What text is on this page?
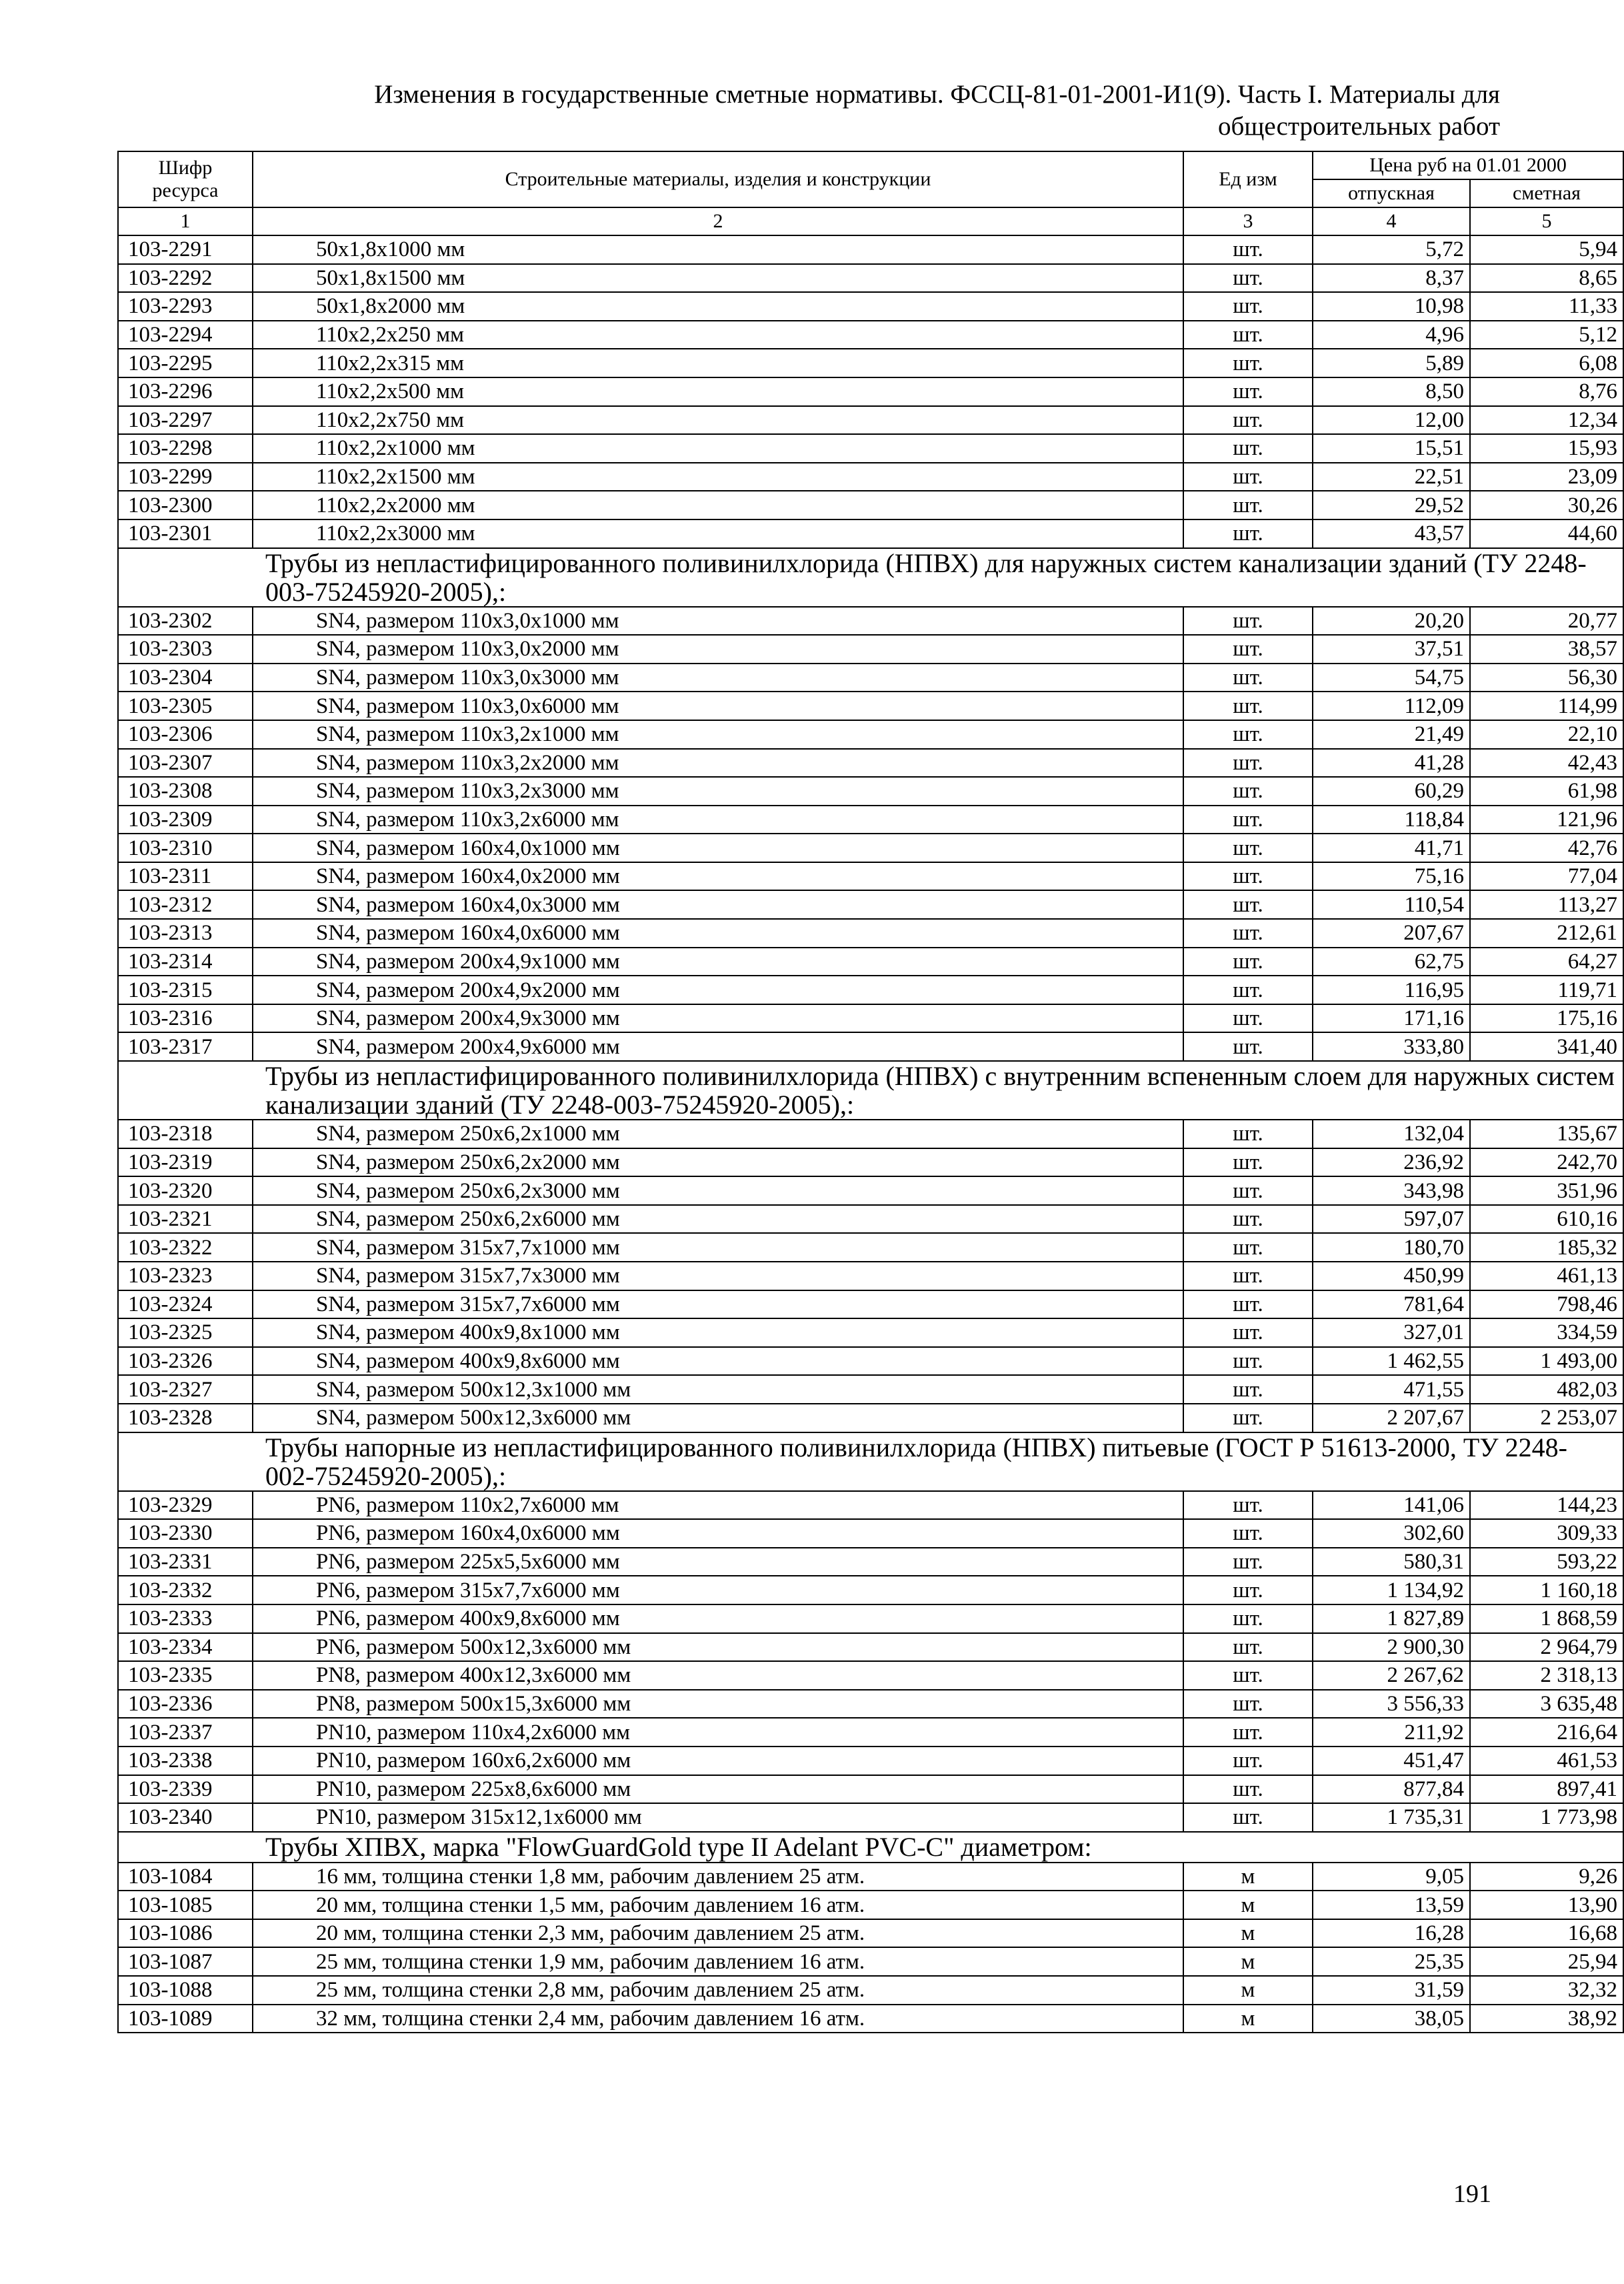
Изменения в государственные сметные нормативы. ФССЦ-81-01-2001-И1(9). Часть I. Материалы для
общестроительных работ
Шифр ресурса	Строительные материалы, изделия и конструкции	Ед изм	Цена руб на 01.01 2000	
			отпускная	сметная
1	2	3	4	5
103-2291	50х1,8х1000 мм	шт.	5,72	5,94
103-2292	50х1,8х1500 мм	шт.	8,37	8,65
103-2293	50х1,8х2000 мм	шт.	10,98	11,33
103-2294	110х2,2х250 мм	шт.	4,96	5,12
103-2295	110х2,2х315 мм	шт.	5,89	6,08
103-2296	110х2,2х500 мм	шт.	8,50	8,76
103-2297	110х2,2х750 мм	шт.	12,00	12,34
103-2298	110х2,2х1000 мм	шт.	15,51	15,93
103-2299	110х2,2х1500 мм	шт.	22,51	23,09
103-2300	110х2,2х2000 мм	шт.	29,52	30,26
103-2301	110х2,2х3000 мм	шт.	43,57	44,60
Трубы из непластифицированного поливинилхлорида (НПВХ) для наружных систем канализации зданий (ТУ 2248-003-75245920-2005),:				
103-2302	SN4, размером 110х3,0х1000 мм	шт.	20,20	20,77
103-2303	SN4, размером 110х3,0х2000 мм	шт.	37,51	38,57
103-2304	SN4, размером 110х3,0х3000 мм	шт.	54,75	56,30
103-2305	SN4, размером 110х3,0х6000 мм	шт.	112,09	114,99
103-2306	SN4, размером 110х3,2х1000 мм	шт.	21,49	22,10
103-2307	SN4, размером 110х3,2х2000 мм	шт.	41,28	42,43
103-2308	SN4, размером 110х3,2х3000 мм	шт.	60,29	61,98
103-2309	SN4, размером 110х3,2х6000 мм	шт.	118,84	121,96
103-2310	SN4, размером 160х4,0х1000 мм	шт.	41,71	42,76
103-2311	SN4, размером 160х4,0х2000 мм	шт.	75,16	77,04
103-2312	SN4, размером 160х4,0х3000 мм	шт.	110,54	113,27
103-2313	SN4, размером 160х4,0х6000 мм	шт.	207,67	212,61
103-2314	SN4, размером 200х4,9х1000 мм	шт.	62,75	64,27
103-2315	SN4, размером 200х4,9х2000 мм	шт.	116,95	119,71
103-2316	SN4, размером 200х4,9х3000 мм	шт.	171,16	175,16
103-2317	SN4, размером 200х4,9х6000 мм	шт.	333,80	341,40
Трубы из непластифицированного поливинилхлорида (НПВХ) с внутренним вспененным слоем для наружных систем канализации зданий (ТУ 2248-003-75245920-2005),:				
103-2318	SN4, размером 250х6,2х1000 мм	шт.	132,04	135,67
103-2319	SN4, размером 250х6,2х2000 мм	шт.	236,92	242,70
103-2320	SN4, размером 250х6,2х3000 мм	шт.	343,98	351,96
103-2321	SN4, размером 250х6,2х6000 мм	шт.	597,07	610,16
103-2322	SN4, размером 315х7,7х1000 мм	шт.	180,70	185,32
103-2323	SN4, размером 315х7,7х3000 мм	шт.	450,99	461,13
103-2324	SN4, размером 315х7,7х6000 мм	шт.	781,64	798,46
103-2325	SN4, размером 400х9,8х1000 мм	шт.	327,01	334,59
103-2326	SN4, размером 400х9,8х6000 мм	шт.	1 462,55	1 493,00
103-2327	SN4, размером 500х12,3х1000 мм	шт.	471,55	482,03
103-2328	SN4, размером 500х12,3х6000 мм	шт.	2 207,67	2 253,07
Трубы напорные из непластифицированного поливинилхлорида (НПВХ) питьевые (ГОСТ Р 51613-2000, ТУ 2248-002-75245920-2005),:				
103-2329	PN6, размером 110х2,7х6000 мм	шт.	141,06	144,23
103-2330	PN6, размером 160х4,0х6000 мм	шт.	302,60	309,33
103-2331	PN6, размером 225х5,5х6000 мм	шт.	580,31	593,22
103-2332	PN6, размером 315х7,7х6000 мм	шт.	1 134,92	1 160,18
103-2333	PN6, размером 400х9,8х6000 мм	шт.	1 827,89	1 868,59
103-2334	PN6, размером 500х12,3х6000 мм	шт.	2 900,30	2 964,79
103-2335	PN8, размером 400х12,3х6000 мм	шт.	2 267,62	2 318,13
103-2336	PN8, размером 500х15,3х6000 мм	шт.	3 556,33	3 635,48
103-2337	PN10, размером 110х4,2х6000 мм	шт.	211,92	216,64
103-2338	PN10, размером 160х6,2х6000 мм	шт.	451,47	461,53
103-2339	PN10, размером 225х8,6х6000 мм	шт.	877,84	897,41
103-2340	PN10, размером 315х12,1х6000 мм	шт.	1 735,31	1 773,98
Трубы ХПВХ, марка "FlowGuardGold type II Adelant PVC-C" диаметром:				
103-1084	16 мм, толщина стенки 1,8 мм, рабочим давлением 25 атм.	м	9,05	9,26
103-1085	20 мм, толщина стенки 1,5 мм, рабочим давлением 16 атм.	м	13,59	13,90
103-1086	20 мм, толщина стенки 2,3 мм, рабочим давлением 25 атм.	м	16,28	16,68
103-1087	25 мм, толщина стенки 1,9 мм, рабочим давлением 16 атм.	м	25,35	25,94
103-1088	25 мм, толщина стенки 2,8 мм, рабочим давлением 25 атм.	м	31,59	32,32
103-1089	32 мм, толщина стенки 2,4 мм, рабочим давлением 16 атм.	м	38,05	38,92
191
